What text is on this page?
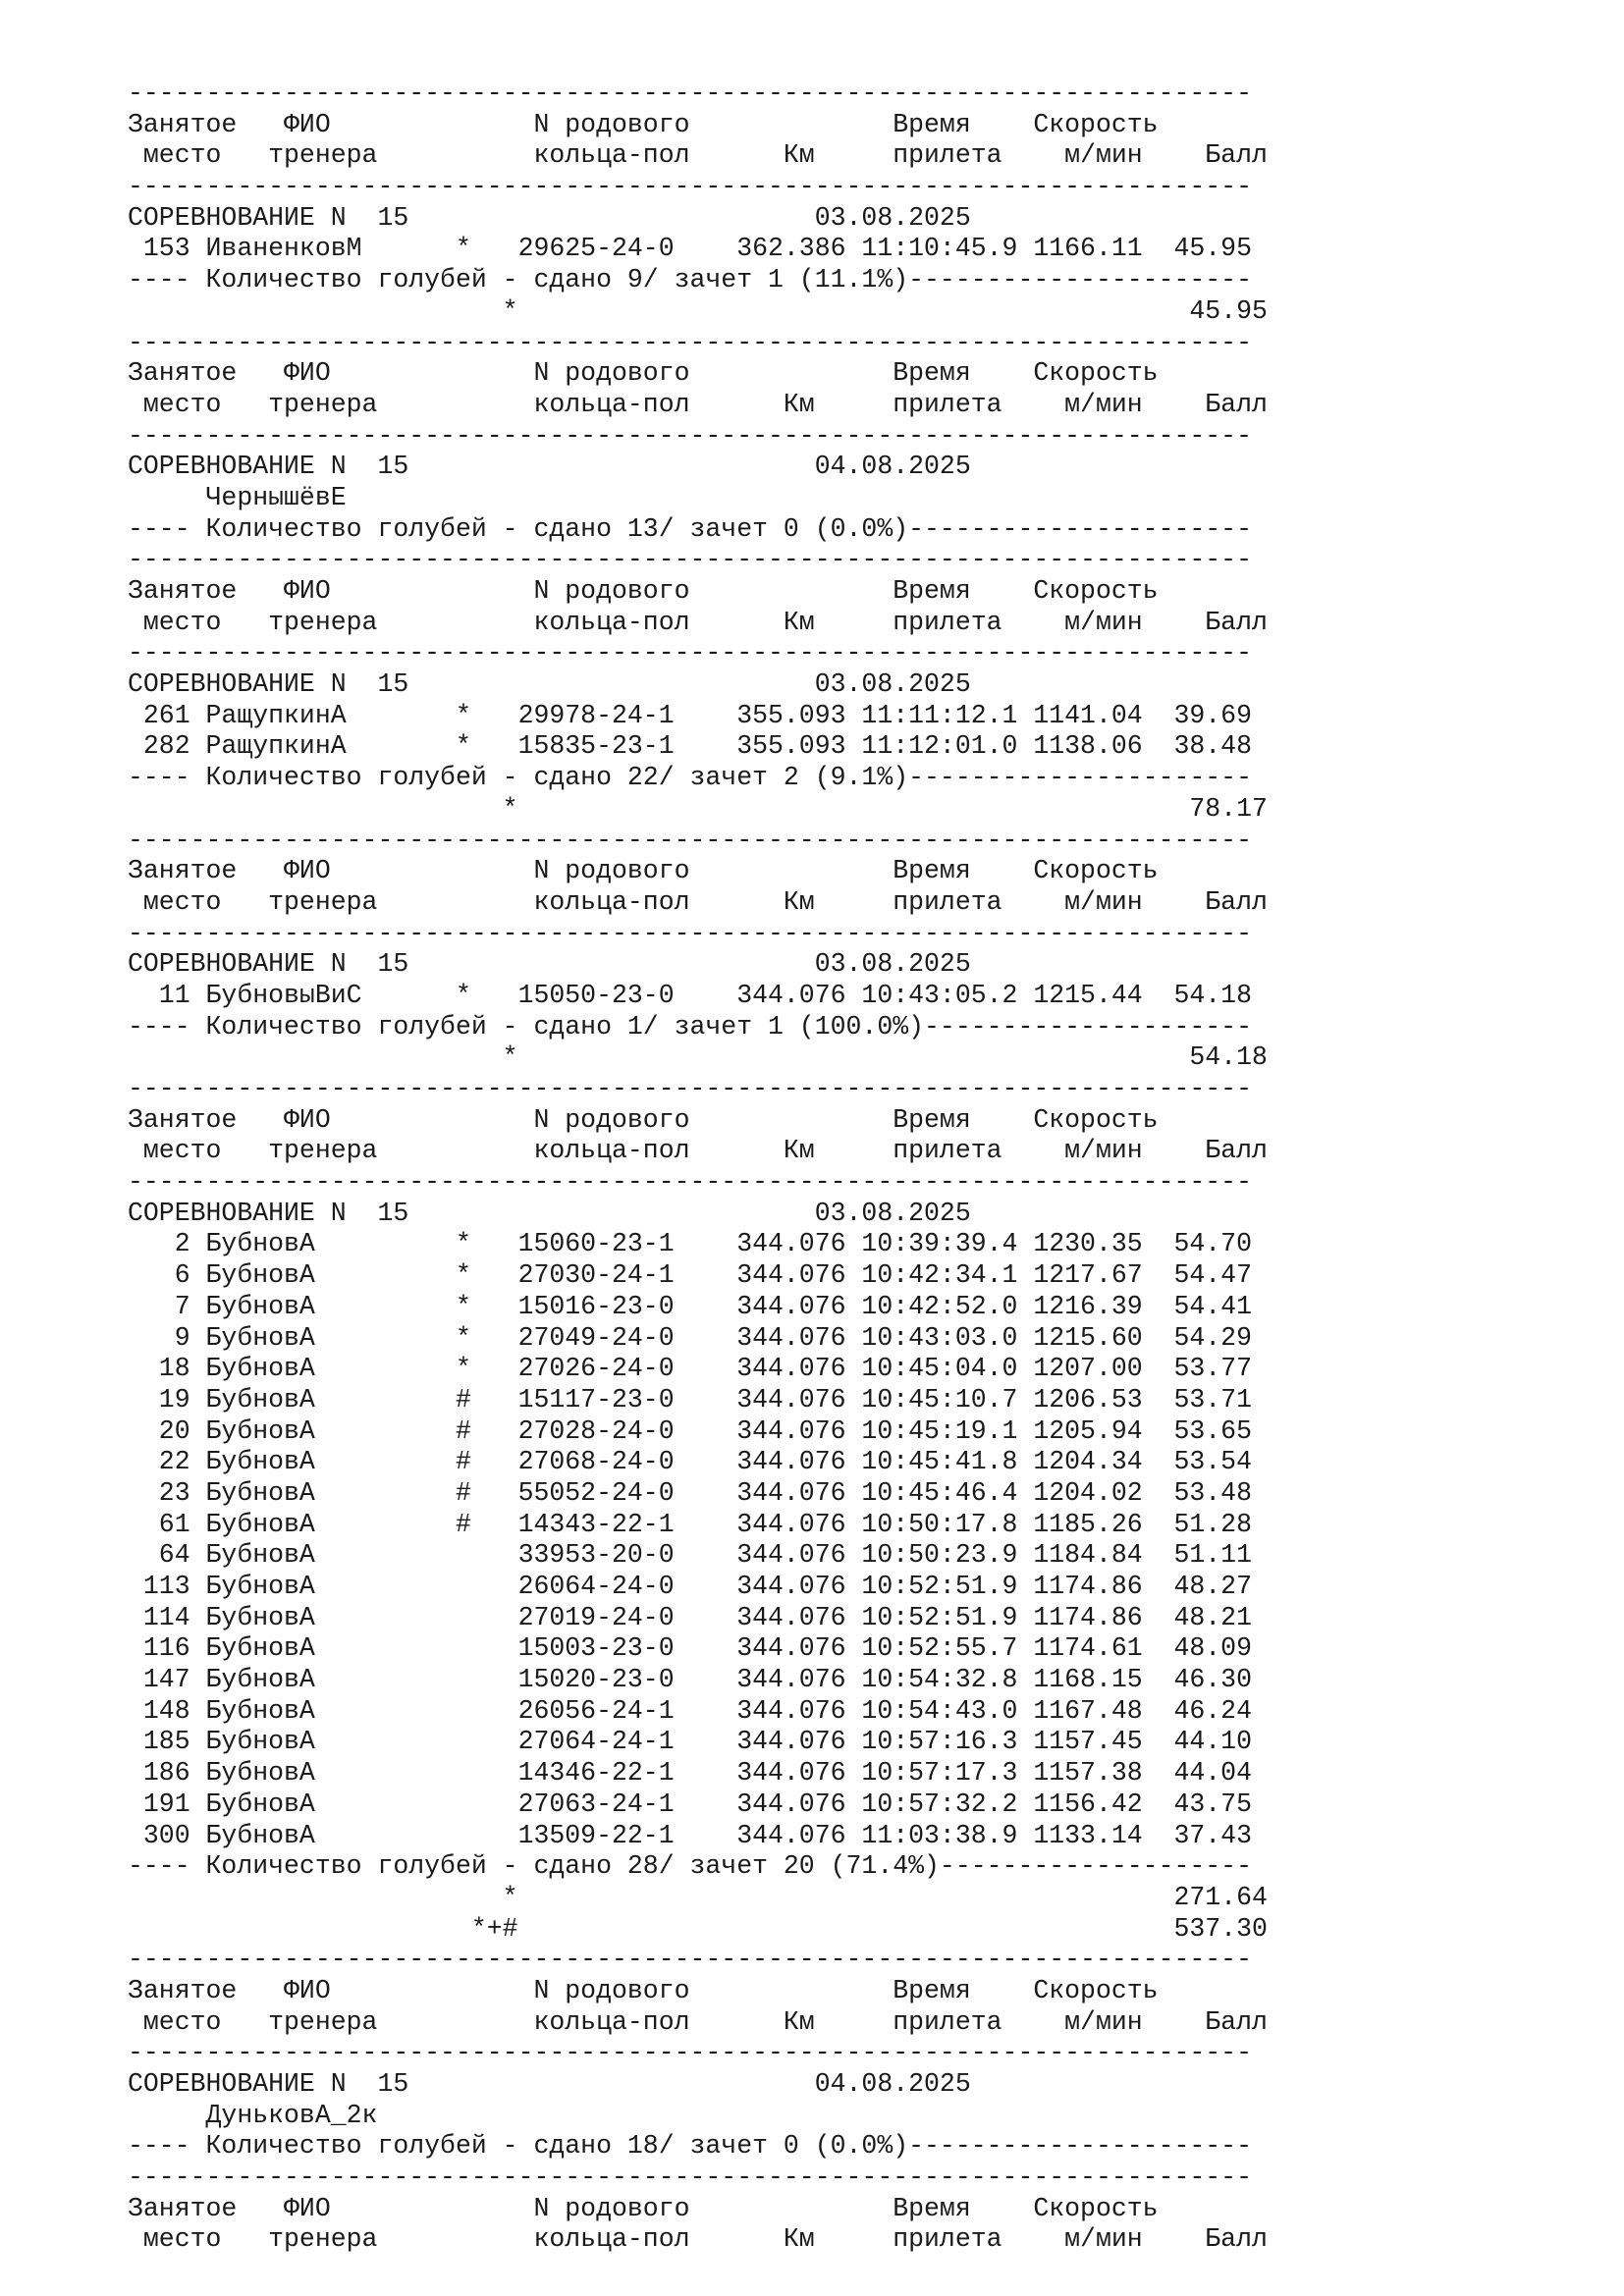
------------------------------------------------------------------------
Занятое   ФИО             N родового             Время    Скорость
место   тренера          кольца-пол      Км     прилета    м/мин    Балл
------------------------------------------------------------------------
СОРЕВНОВАНИЕ N  15                          03.08.2025
153 ИваненковМ      *   29625-24-0    362.386 11:10:45.9 1166.11  45.95
---- Количество голубей - сдано 9/ зачет 1 (11.1%)----------------------
*                                           45.95
------------------------------------------------------------------------
Занятое   ФИО             N родового             Время    Скорость
место   тренера          кольца-пол      Км     прилета    м/мин    Балл
------------------------------------------------------------------------
СОРЕВНОВАНИЕ N  15                          04.08.2025
ЧернышёвЕ
---- Количество голубей - сдано 13/ зачет 0 (0.0%)----------------------
------------------------------------------------------------------------
Занятое   ФИО             N родового             Время    Скорость
место   тренера          кольца-пол      Км     прилета    м/мин    Балл
------------------------------------------------------------------------
СОРЕВНОВАНИЕ N  15                          03.08.2025
261 РащупкинА       *   29978-24-1    355.093 11:11:12.1 1141.04  39.69
282 РащупкинА       *   15835-23-1    355.093 11:12:01.0 1138.06  38.48
---- Количество голубей - сдано 22/ зачет 2 (9.1%)----------------------
*                                           78.17
------------------------------------------------------------------------
Занятое   ФИО             N родового             Время    Скорость
место   тренера          кольца-пол      Км     прилета    м/мин    Балл
------------------------------------------------------------------------
СОРЕВНОВАНИЕ N  15                          03.08.2025
11 БубновыВиС      *   15050-23-0    344.076 10:43:05.2 1215.44  54.18
---- Количество голубей - сдано 1/ зачет 1 (100.0%)---------------------
*                                           54.18
------------------------------------------------------------------------
Занятое   ФИО             N родового             Время    Скорость
место   тренера          кольца-пол      Км     прилета    м/мин    Балл
------------------------------------------------------------------------
СОРЕВНОВАНИЕ N  15                          03.08.2025
2 БубновА         *   15060-23-1    344.076 10:39:39.4 1230.35  54.70
6 БубновА         *   27030-24-1    344.076 10:42:34.1 1217.67  54.47
7 БубновА         *   15016-23-0    344.076 10:42:52.0 1216.39  54.41
9 БубновА         *   27049-24-0    344.076 10:43:03.0 1215.60  54.29
18 БубновА         *   27026-24-0    344.076 10:45:04.0 1207.00  53.77
19 БубновА         #   15117-23-0    344.076 10:45:10.7 1206.53  53.71
20 БубновА         #   27028-24-0    344.076 10:45:19.1 1205.94  53.65
22 БубновА         #   27068-24-0    344.076 10:45:41.8 1204.34  53.54
23 БубновА         #   55052-24-0    344.076 10:45:46.4 1204.02  53.48
61 БубновА         #   14343-22-1    344.076 10:50:17.8 1185.26  51.28
64 БубновА             33953-20-0    344.076 10:50:23.9 1184.84  51.11
113 БубновА             26064-24-0    344.076 10:52:51.9 1174.86  48.27
114 БубновА             27019-24-0    344.076 10:52:51.9 1174.86  48.21
116 БубновА             15003-23-0    344.076 10:52:55.7 1174.61  48.09
147 БубновА             15020-23-0    344.076 10:54:32.8 1168.15  46.30
148 БубновА             26056-24-1    344.076 10:54:43.0 1167.48  46.24
185 БубновА             27064-24-1    344.076 10:57:16.3 1157.45  44.10
186 БубновА             14346-22-1    344.076 10:57:17.3 1157.38  44.04
191 БубновА             27063-24-1    344.076 10:57:32.2 1156.42  43.75
300 БубновА             13509-22-1    344.076 11:03:38.9 1133.14  37.43
---- Количество голубей - сдано 28/ зачет 20 (71.4%)--------------------
*                                          271.64
*+#                                          537.30
------------------------------------------------------------------------
Занятое   ФИО             N родового             Время    Скорость
место   тренера          кольца-пол      Км     прилета    м/мин    Балл
------------------------------------------------------------------------
СОРЕВНОВАНИЕ N  15                          04.08.2025
ДуньковА_2к
---- Количество голубей - сдано 18/ зачет 0 (0.0%)----------------------
------------------------------------------------------------------------
Занятое   ФИО             N родового             Время    Скорость
место   тренера          кольца-пол      Км     прилета    м/мин    Балл
